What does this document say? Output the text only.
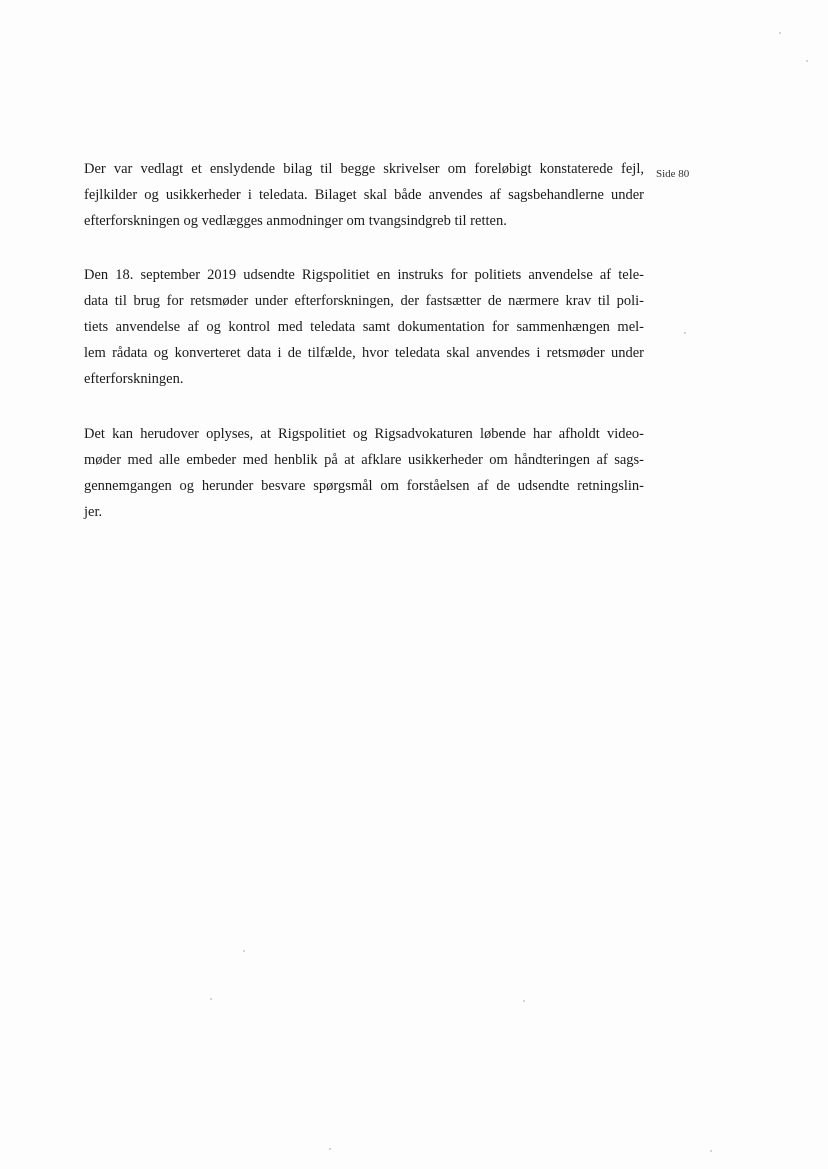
Side 80
Der var vedlagt et enslydende bilag til begge skrivelser om foreløbigt konstaterede fejl,
fejlkilder og usikkerheder i teledata. Bilaget skal både anvendes af sagsbehandlerne under
efterforskningen og vedlægges anmodninger om tvangsindgreb til retten.
Den 18. september 2019 udsendte Rigspolitiet en instruks for politiets anvendelse af tele-
data til brug for retsmøder under efterforskningen, der fastsætter de nærmere krav til poli-
tiets anvendelse af og kontrol med teledata samt dokumentation for sammenhængen mel-
lem rådata og konverteret data i de tilfælde, hvor teledata skal anvendes i retsmøder under
efterforskningen.
Det kan herudover oplyses, at Rigspolitiet og Rigsadvokaturen løbende har afholdt video-
møder med alle embeder med henblik på at afklare usikkerheder om håndteringen af sags-
gennemgangen og herunder besvare spørgsmål om forståelsen af de udsendte retningslin-
jer.
